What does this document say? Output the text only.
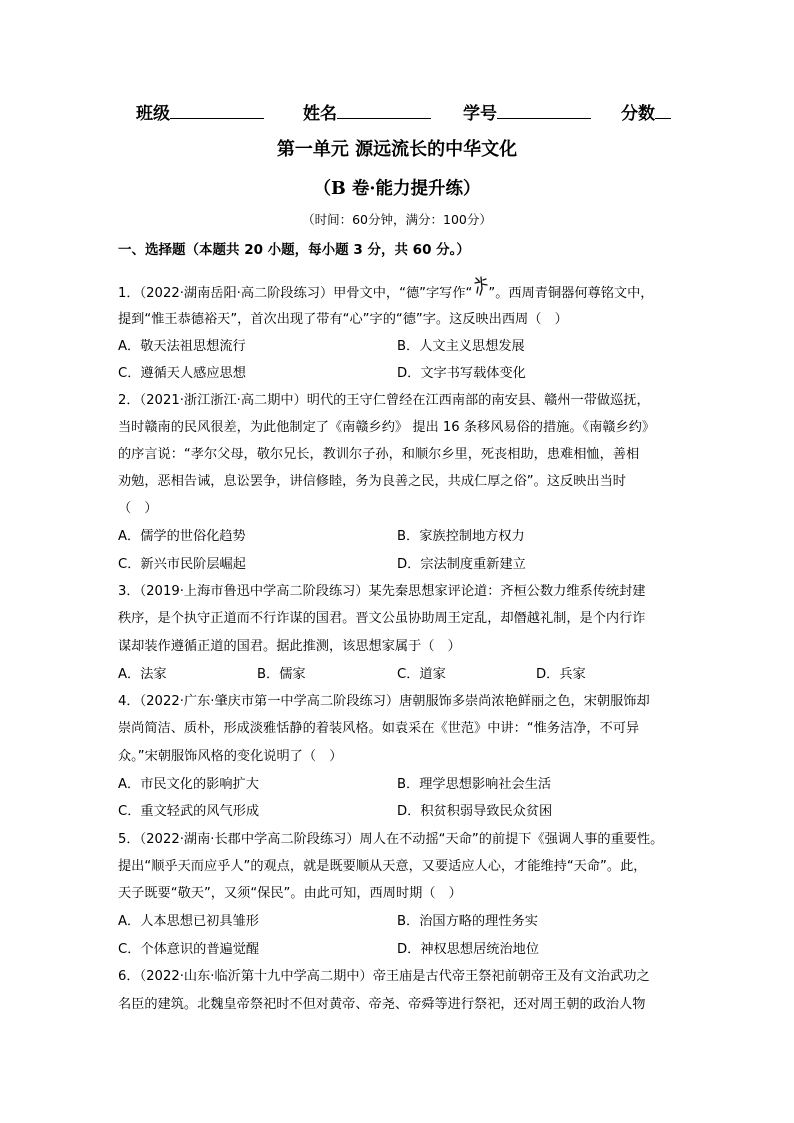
班级	姓名	学号	分数
第一单元 源远流长的中华文化
（B 卷·能力提升练）
（时间：60分钟，满分：100分）
一、选择题（本题共 20 小题，每小题 3 分，共 60 分。）
1．（2022·湖南岳阳·高二阶段练习）甲骨文中，“德”字写作“ ”。西周青铜器何尊铭文中，
提到“惟王恭德裕天”，首次出现了带有“心”字的“德”字。这反映出西周（　）
A．敬天法祖思想流行	B．人文主义思想发展
C．遵循天人感应思想	D．文字书写载体变化
2．（2021·浙江浙江·高二期中）明代的王守仁曾经在江西南部的南安县、赣州一带做巡抚，
当时赣南的民风很差，为此他制定了《南赣乡约》 提出 16 条移风易俗的措施。《南赣乡约》
的序言说：“孝尔父母，敬尔兄长，教训尔子孙，和顺尔乡里，死丧相助，患难相恤，善相
劝勉，恶相告诫，息讼罢争，讲信修睦，务为良善之民，共成仁厚之俗”。这反映出当时
（　）
A．儒学的世俗化趋势	B．家族控制地方权力
C．新兴市民阶层崛起	D．宗法制度重新建立
3．（2019·上海市鲁迅中学高二阶段练习）某先秦思想家评论道：齐桓公数力维系传统封建
秩序，是个执守正道而不行诈谋的国君。晋文公虽协助周王定乱，却僭越礼制，是个内行诈
谋却装作遵循正道的国君。据此推测，该思想家属于（　）
A．法家	B．儒家	C．道家	D．兵家
4．（2022·广东·肇庆市第一中学高二阶段练习）唐朝服饰多崇尚浓艳鲜丽之色，宋朝服饰却
崇尚简洁、质朴，形成淡雅恬静的着装风格。如袁采在《世范》中讲：“惟务洁净，不可异
众。”宋朝服饰风格的变化说明了（　）
A．市民文化的影响扩大	B．理学思想影响社会生活
C．重文轻武的风气形成	D．积贫积弱导致民众贫困
5．（2022·湖南·长郡中学高二阶段练习）周人在不动摇“天命”的前提下《强调人事的重要性。
提出“顺乎天而应乎人”的观点，就是既要顺从天意，又要适应人心，才能维持“天命”。此，
天子既要“敬天”，又须“保民”。由此可知，西周时期（　）
A．人本思想已初具雏形	B．治国方略的理性务实
C．个体意识的普遍觉醒	D．神权思想居统治地位
6．（2022·山东·临沂第十九中学高二期中）帝王庙是古代帝王祭祀前朝帝王及有文治武功之
名臣的建筑。北魏皇帝祭祀时不但对黄帝、帝尧、帝舜等进行祭祀，还对周王朝的政治人物
